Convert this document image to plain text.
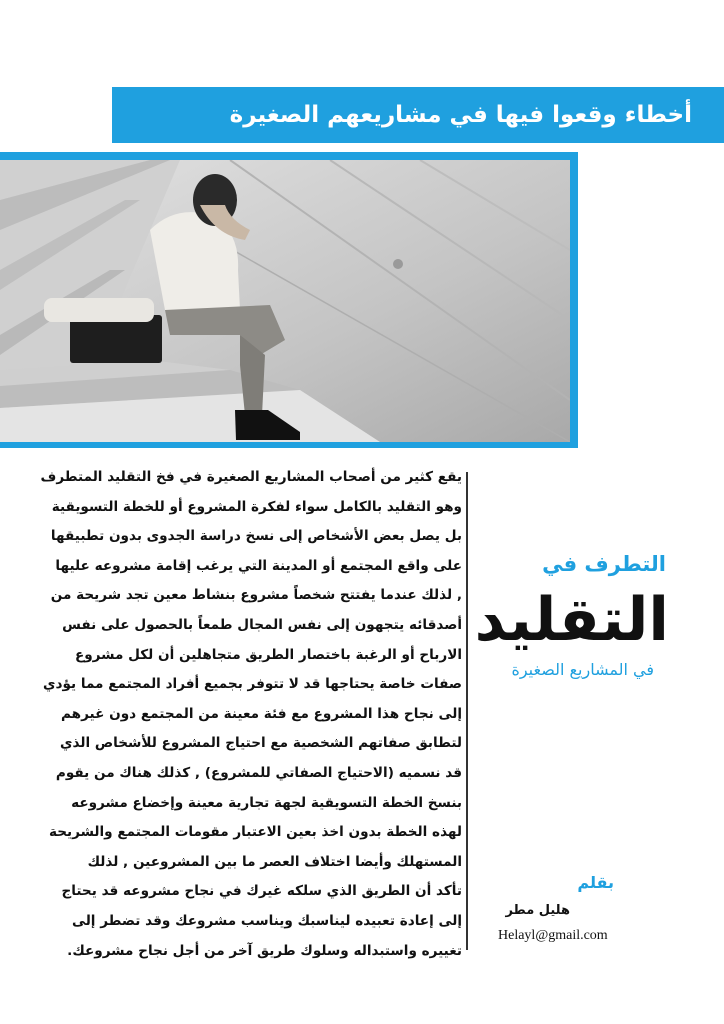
أخطاء وقعوا فيها في مشاريعهم الصغيرة
يقع كثير من أصحاب المشاريع الصغيرة في فخ التقليد المتطرف
وهو التقليد بالكامل سواء لفكرة المشروع أو للخطة التسويقية
بل يصل بعض الأشخاص إلى نسخ دراسة الجدوى بدون تطبيقها
على واقع المجتمع أو المدينة التي يرغب إقامة مشروعه عليها
, لذلك عندما يفتتح شخصاً مشروع بنشاط معين تجد شريحة من
أصدقائه يتجهون إلى نفس المجال طمعاً بالحصول على نفس
الارباح أو الرغبة باختصار الطريق متجاهلين أن لكل مشروع
صفات خاصة يحتاجها قد لا تتوفر بجميع أفراد المجتمع مما يؤدي
إلى نجاح هذا المشروع مع فئة معينة من المجتمع دون غيرهم
لتطابق صفاتهم الشخصية مع احتياج المشروع للأشخاص الذي
قد نسميه (الاحتياج الصفاتي للمشروع) , كذلك هناك من يقوم
بنسخ الخطة التسويقية لجهة تجارية معينة وإخضاع مشروعه
لهذه الخطة بدون اخذ بعين الاعتبار مقومات المجتمع والشريحة
المستهلك وأيضا اختلاف العصر ما بين المشروعين , لذلك
تأكد أن الطريق الذي سلكه غيرك في نجاح مشروعه قد يحتاج
إلى إعادة تعبيده ليناسبك ويناسب مشروعك وقد تضطر إلى
تغييره واستبداله وسلوك طريق آخر من أجل نجاح مشروعك.
التطرف في
التقليد
في المشاريع الصغيرة
بقلم
هليل مطر
Helayl@gmail.com
